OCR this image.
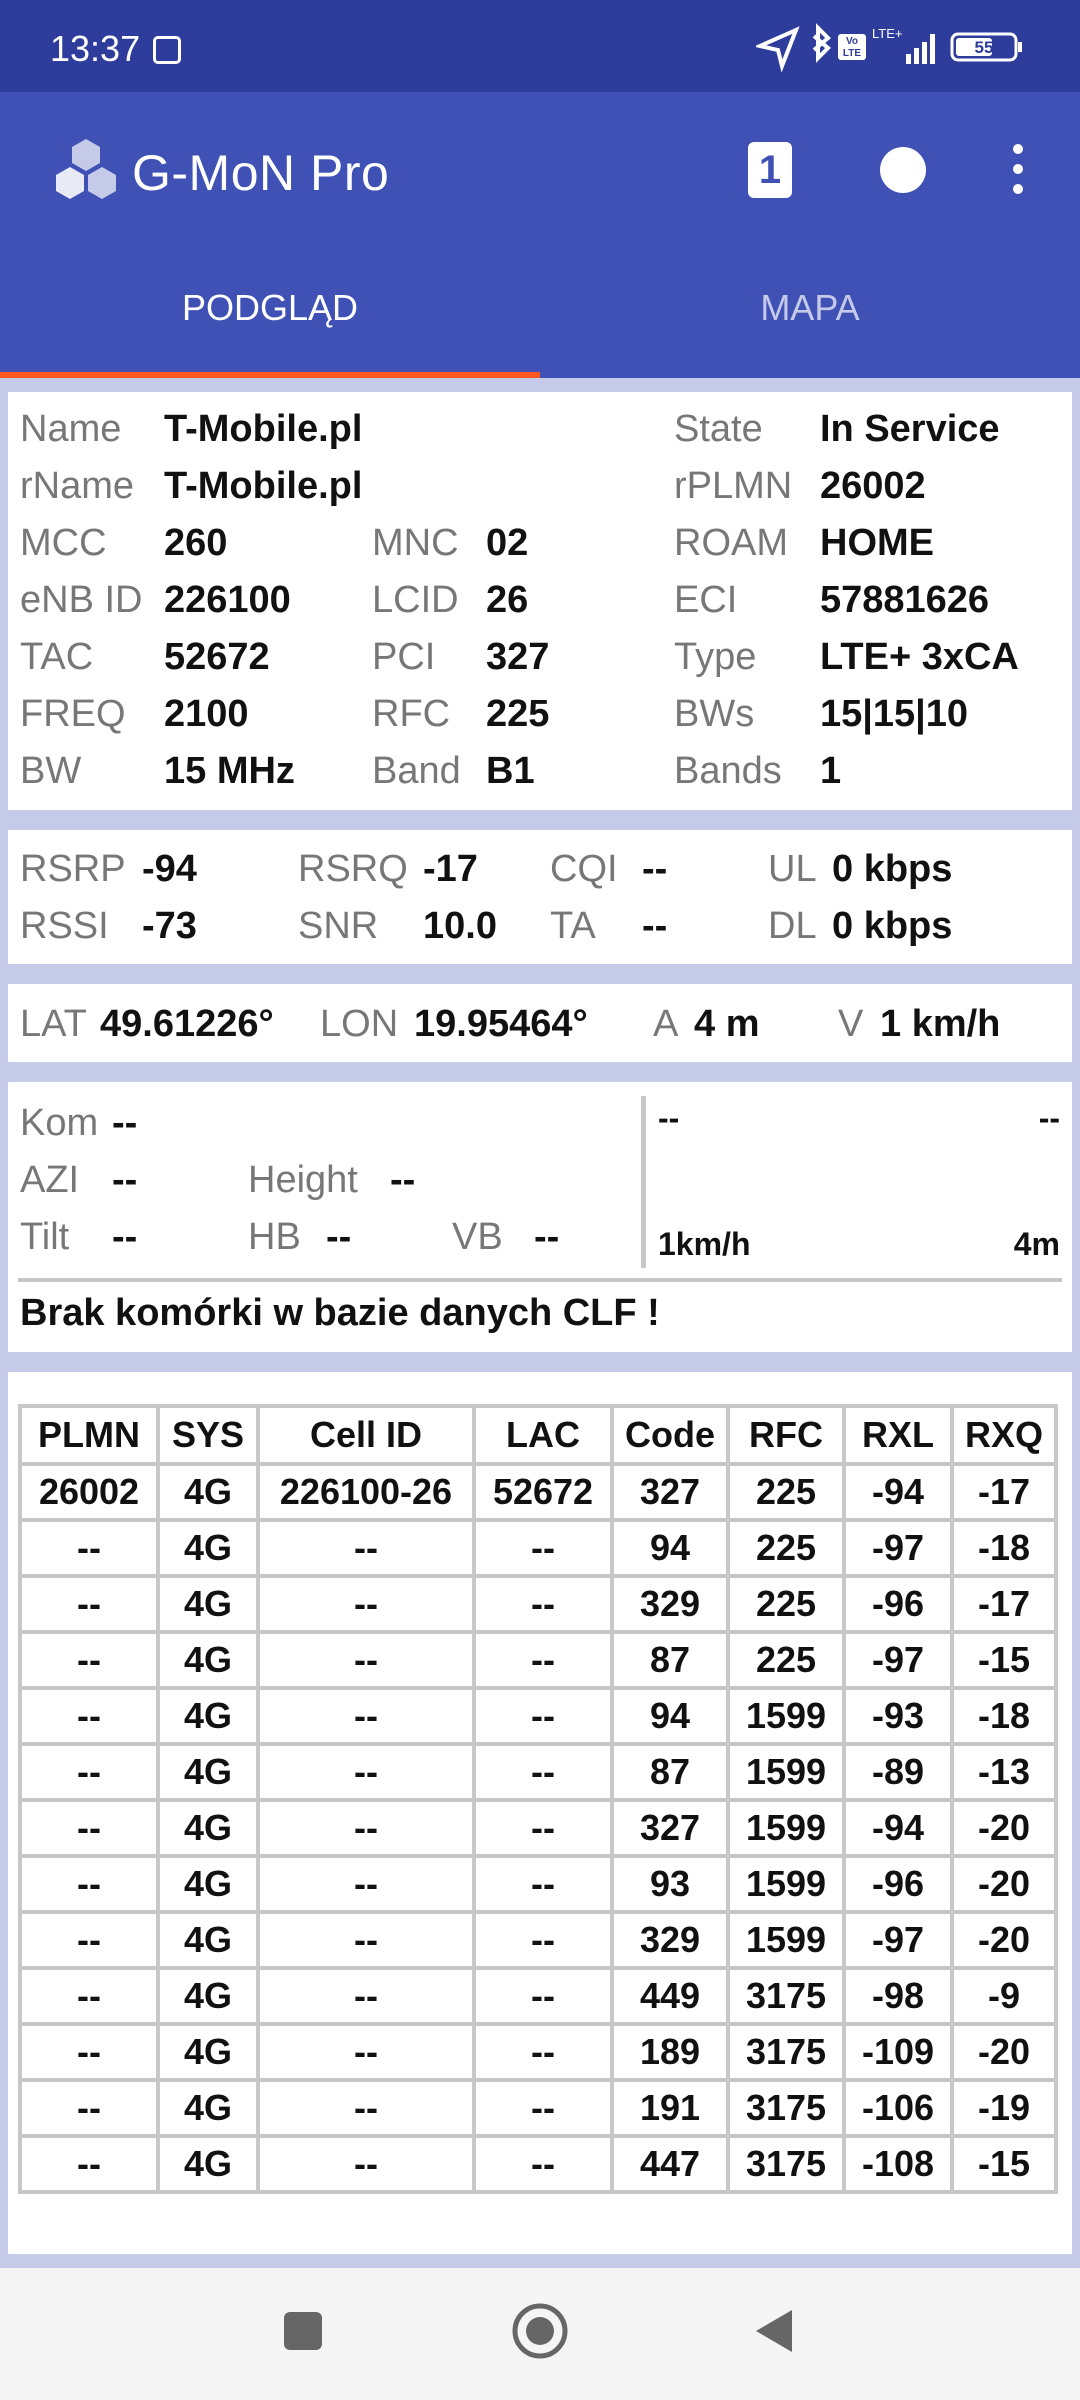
13:37	Vo
LTE
LTE+
55
G-MoN Pro	1
PODGLĄD	MAPA
Name T-Mobile.pl	State In Service
rName T-Mobile.pl	rPLMN 26002
MCC 260	MNC 02	ROAM HOME
eNB ID 226100 LCID 26	ECI 57881626
TAC 52672	PCI 327	Type LTE+ 3xCA
FREQ 2100	RFC 225	BWs 15|15|10
BW 15 MHz Band B1	Bands 1
RSRP -94	RSRQ -17 CQI --	UL 0 kbps
RSSI -73	SNR 10.0 TA --	DL 0 kbps
LAT 49.61226° LON 19.95464° A 4 m V 1 km/h
Kom --
AZI --	Height --
Tilt --	HB --	VB --
--	--
1km/h	4m
Brak komórki w bazie danych CLF !
PLMN	SYS	Cell ID	LAC	Code	RFC	RXL	RXQ
26002	4G	226100-26	52672	327	225	-94	-17
--	4G	--	--	94	225	-97	-18
--	4G	--	--	329	225	-96	-17
--	4G	--	--	87	225	-97	-15
--	4G	--	--	94	1599	-93	-18
--	4G	--	--	87	1599	-89	-13
--	4G	--	--	327	1599	-94	-20
--	4G	--	--	93	1599	-96	-20
--	4G	--	--	329	1599	-97	-20
--	4G	--	--	449	3175	-98	-9
--	4G	--	--	189	3175	-109	-20
--	4G	--	--	191	3175	-106	-19
--	4G	--	--	447	3175	-108	-15
